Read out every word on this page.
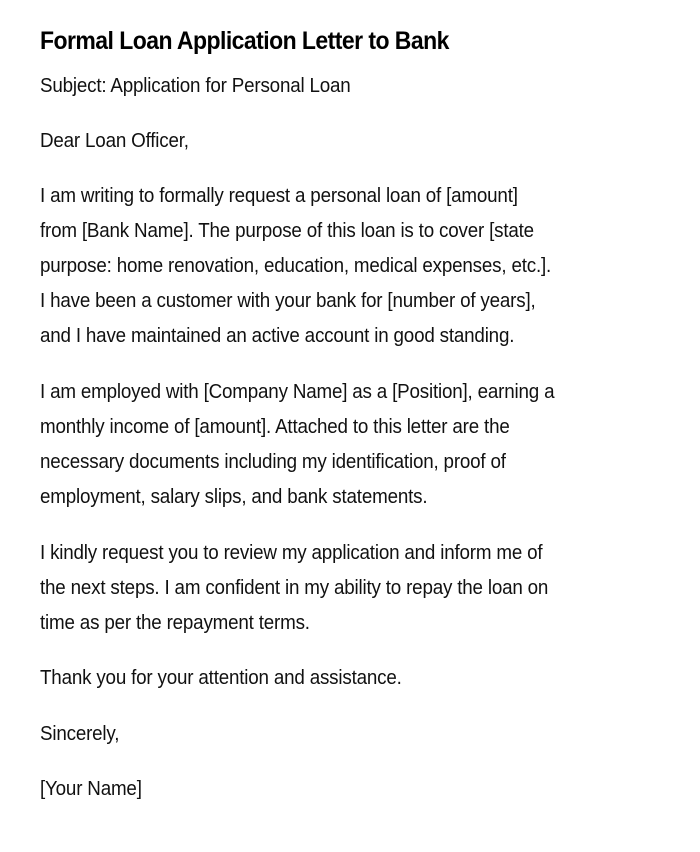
Formal Loan Application Letter to Bank

Subject: Application for Personal Loan

Dear Loan Officer,

I am writing to formally request a personal loan of [amount]
from [Bank Name]. The purpose of this loan is to cover [state
purpose: home renovation, education, medical expenses, etc.].
I have been a customer with your bank for [number of years],
and I have maintained an active account in good standing.

I am employed with [Company Name] as a [Position], earning a
monthly income of [amount]. Attached to this letter are the
necessary documents including my identification, proof of
employment, salary slips, and bank statements.

I kindly request you to review my application and inform me of
the next steps. I am confident in my ability to repay the loan on
time as per the repayment terms.

Thank you for your attention and assistance.

Sincerely,

[Your Name]
